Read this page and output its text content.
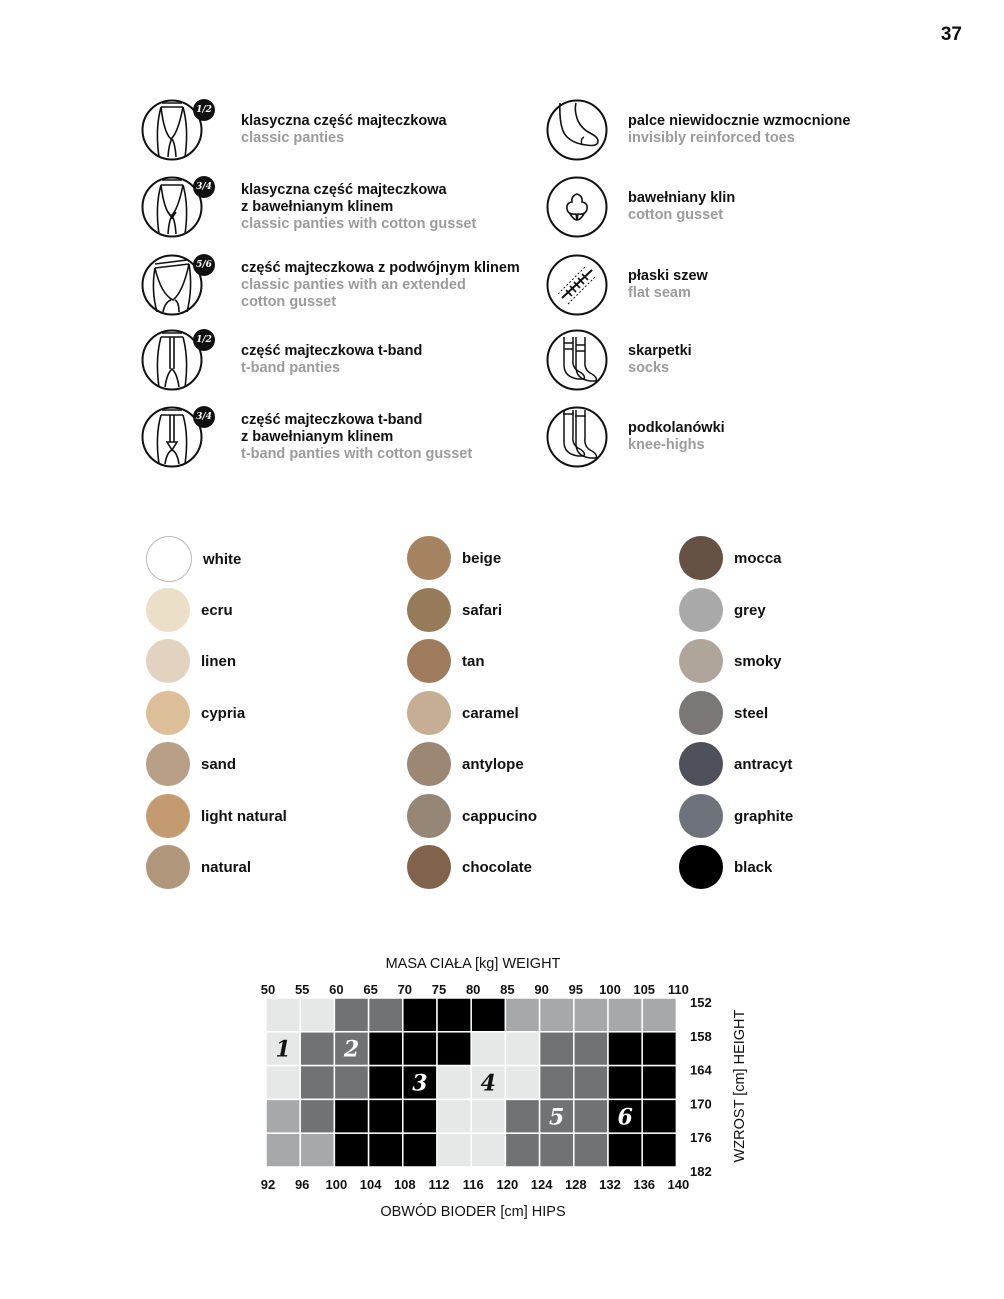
37
1/2
klasyczna część majteczkowa
classic panties
3/4 klasyczna część majteczkowa
z bawełnianym klinem
classic panties with cotton gusset
5/6 część majteczkowa z podwójnym klinem
classic panties with an extended
cotton gusset
1/2
część majteczkowa t-band
t-band panties
3/4 część majteczkowa t-band
z bawełnianym klinem
t-band panties with cotton gusset
palce niewidocznie wzmocnione
invisibly reinforced toes
bawełniany klin
cotton gusset
płaski szew
flat seam
skarpetki
socks
podkolanówki
knee-highs
white
ecru
linen
cypria
sand
light natural
natural
beige
safari
tan
caramel
antylope
cappucino
chocolate
mocca
grey
smoky
steel
antracyt
graphite
black
1 2
3 4
5 6
50 55 60 65 70 75 80 85 90 95 100 105 110
92 96 100 104 108 112 116 120 124 128 132 136 140
152
158
164
170
176
182
MASA CIAŁA [kg] WEIGHT
OBWÓD BIODER [cm] HIPS
WZROST [cm] HEIGHT
